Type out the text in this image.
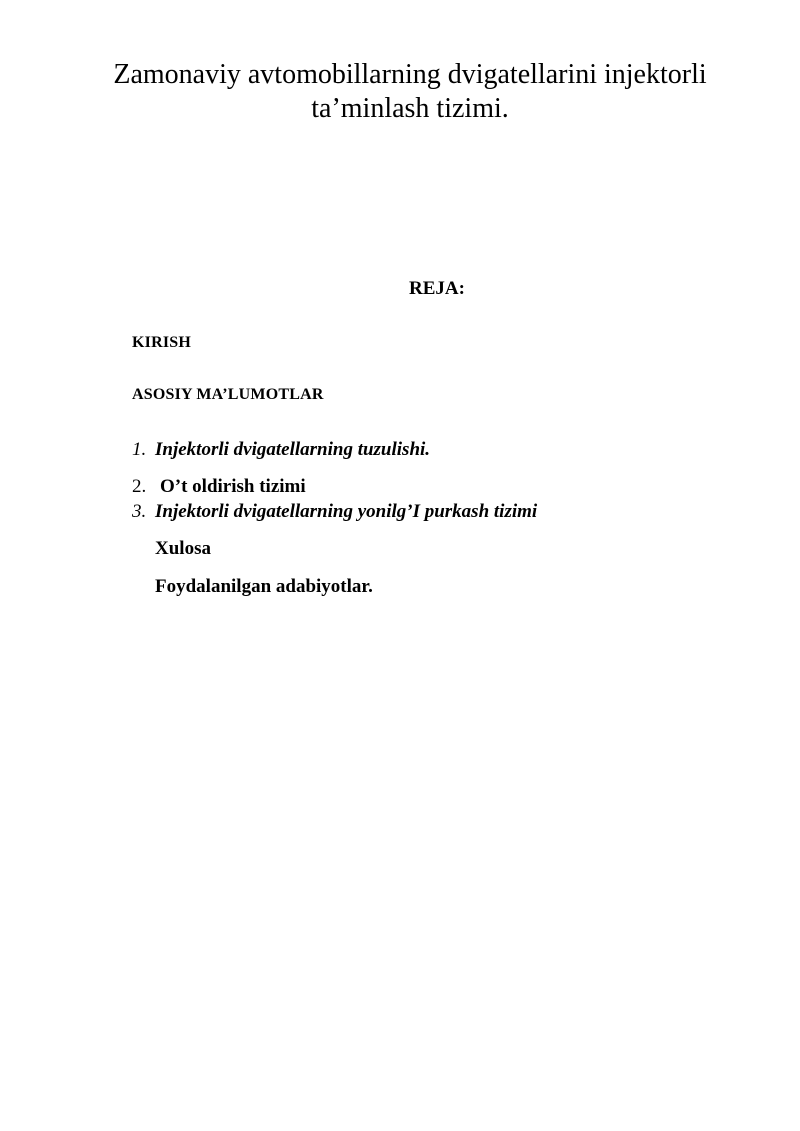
Zamonaviy avtomobillarning dvigatellarini injektorli
ta’minlash tizimi.
REJA:
KIRISH
ASOSIY MA’LUMOTLAR
1. Injektorli dvigatellarning tuzulishi.
2. O’t oldirish tizimi
3. Injektorli dvigatellarning yonilg’I purkash tizimi
Xulosa
Foydalanilgan adabiyotlar.
